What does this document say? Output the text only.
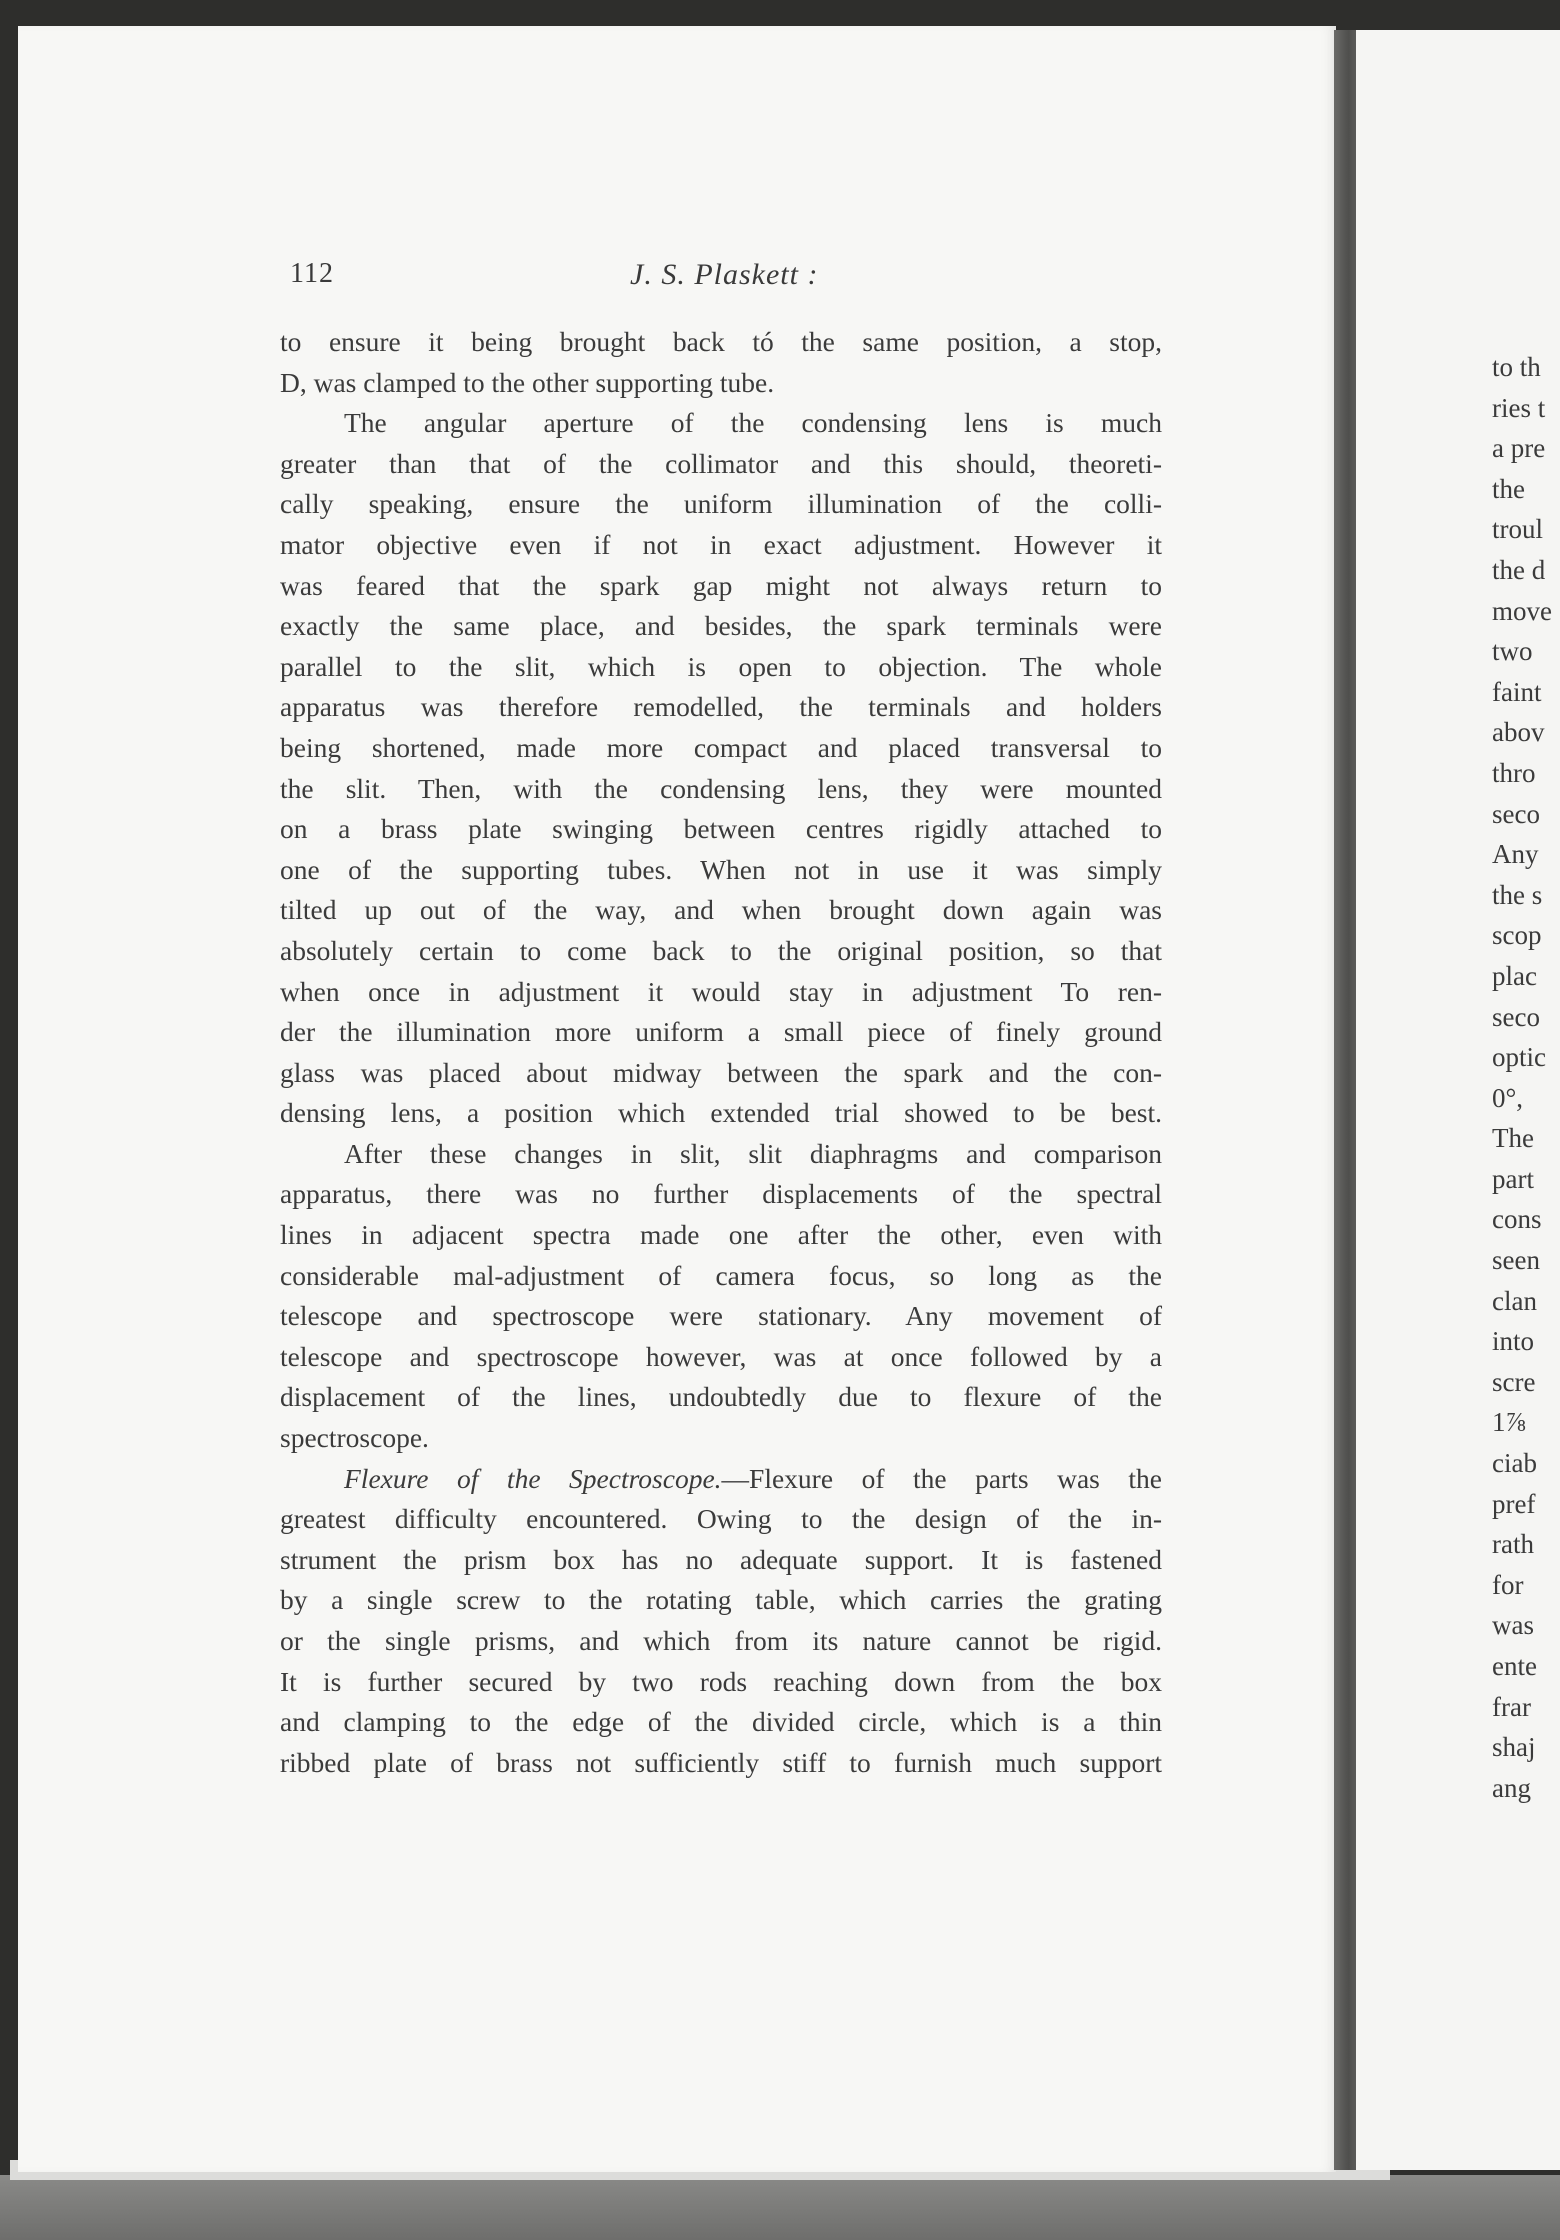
112	J. S. Plaskett :
to ensure it being brought back tó the same position, a stop,
D, was clamped to the other supporting tube.
The angular aperture of the condensing lens is much
greater than that of the collimator and this should, theoreti-
cally speaking, ensure the uniform illumination of the colli-
mator objective even if not in exact adjustment. However it
was feared that the spark gap might not always return to
exactly the same place, and besides, the spark terminals were
parallel to the slit, which is open to objection. The whole
apparatus was therefore remodelled, the terminals and holders
being shortened, made more compact and placed transversal to
the slit. Then, with the condensing lens, they were mounted
on a brass plate swinging between centres rigidly attached to
one of the supporting tubes. When not in use it was simply
tilted up out of the way, and when brought down again was
absolutely certain to come back to the original position, so that
when once in adjustment it would stay in adjustment To ren-
der the illumination more uniform a small piece of finely ground
glass was placed about midway between the spark and the con-
densing lens, a position which extended trial showed to be best.
After these changes in slit, slit diaphragms and comparison
apparatus, there was no further displacements of the spectral
lines in adjacent spectra made one after the other, even with
considerable mal-adjustment of camera focus, so long as the
telescope and spectroscope were stationary. Any movement of
telescope and spectroscope however, was at once followed by a
displacement of the lines, undoubtedly due to flexure of the
spectroscope.
Flexure of the Spectroscope.—Flexure of the parts was the
greatest difficulty encountered. Owing to the design of the in-
strument the prism box has no adequate support. It is fastened
by a single screw to the rotating table, which carries the grating
or the single prisms, and which from its nature cannot be rigid.
It is further secured by two rods reaching down from the box
and clamping to the edge of the divided circle, which is a thin
ribbed plate of brass not sufficiently stiff to furnish much support
to th
ries t
a pre
the
troul
the d
move
two
faint
abov
thro
seco
Any
the s
scop
plac
seco
optic
0°,
The
part
cons
seen
clan
into
scre
1⅞
ciab
pref
rath
for
was
ente
frar
shaj
ang
